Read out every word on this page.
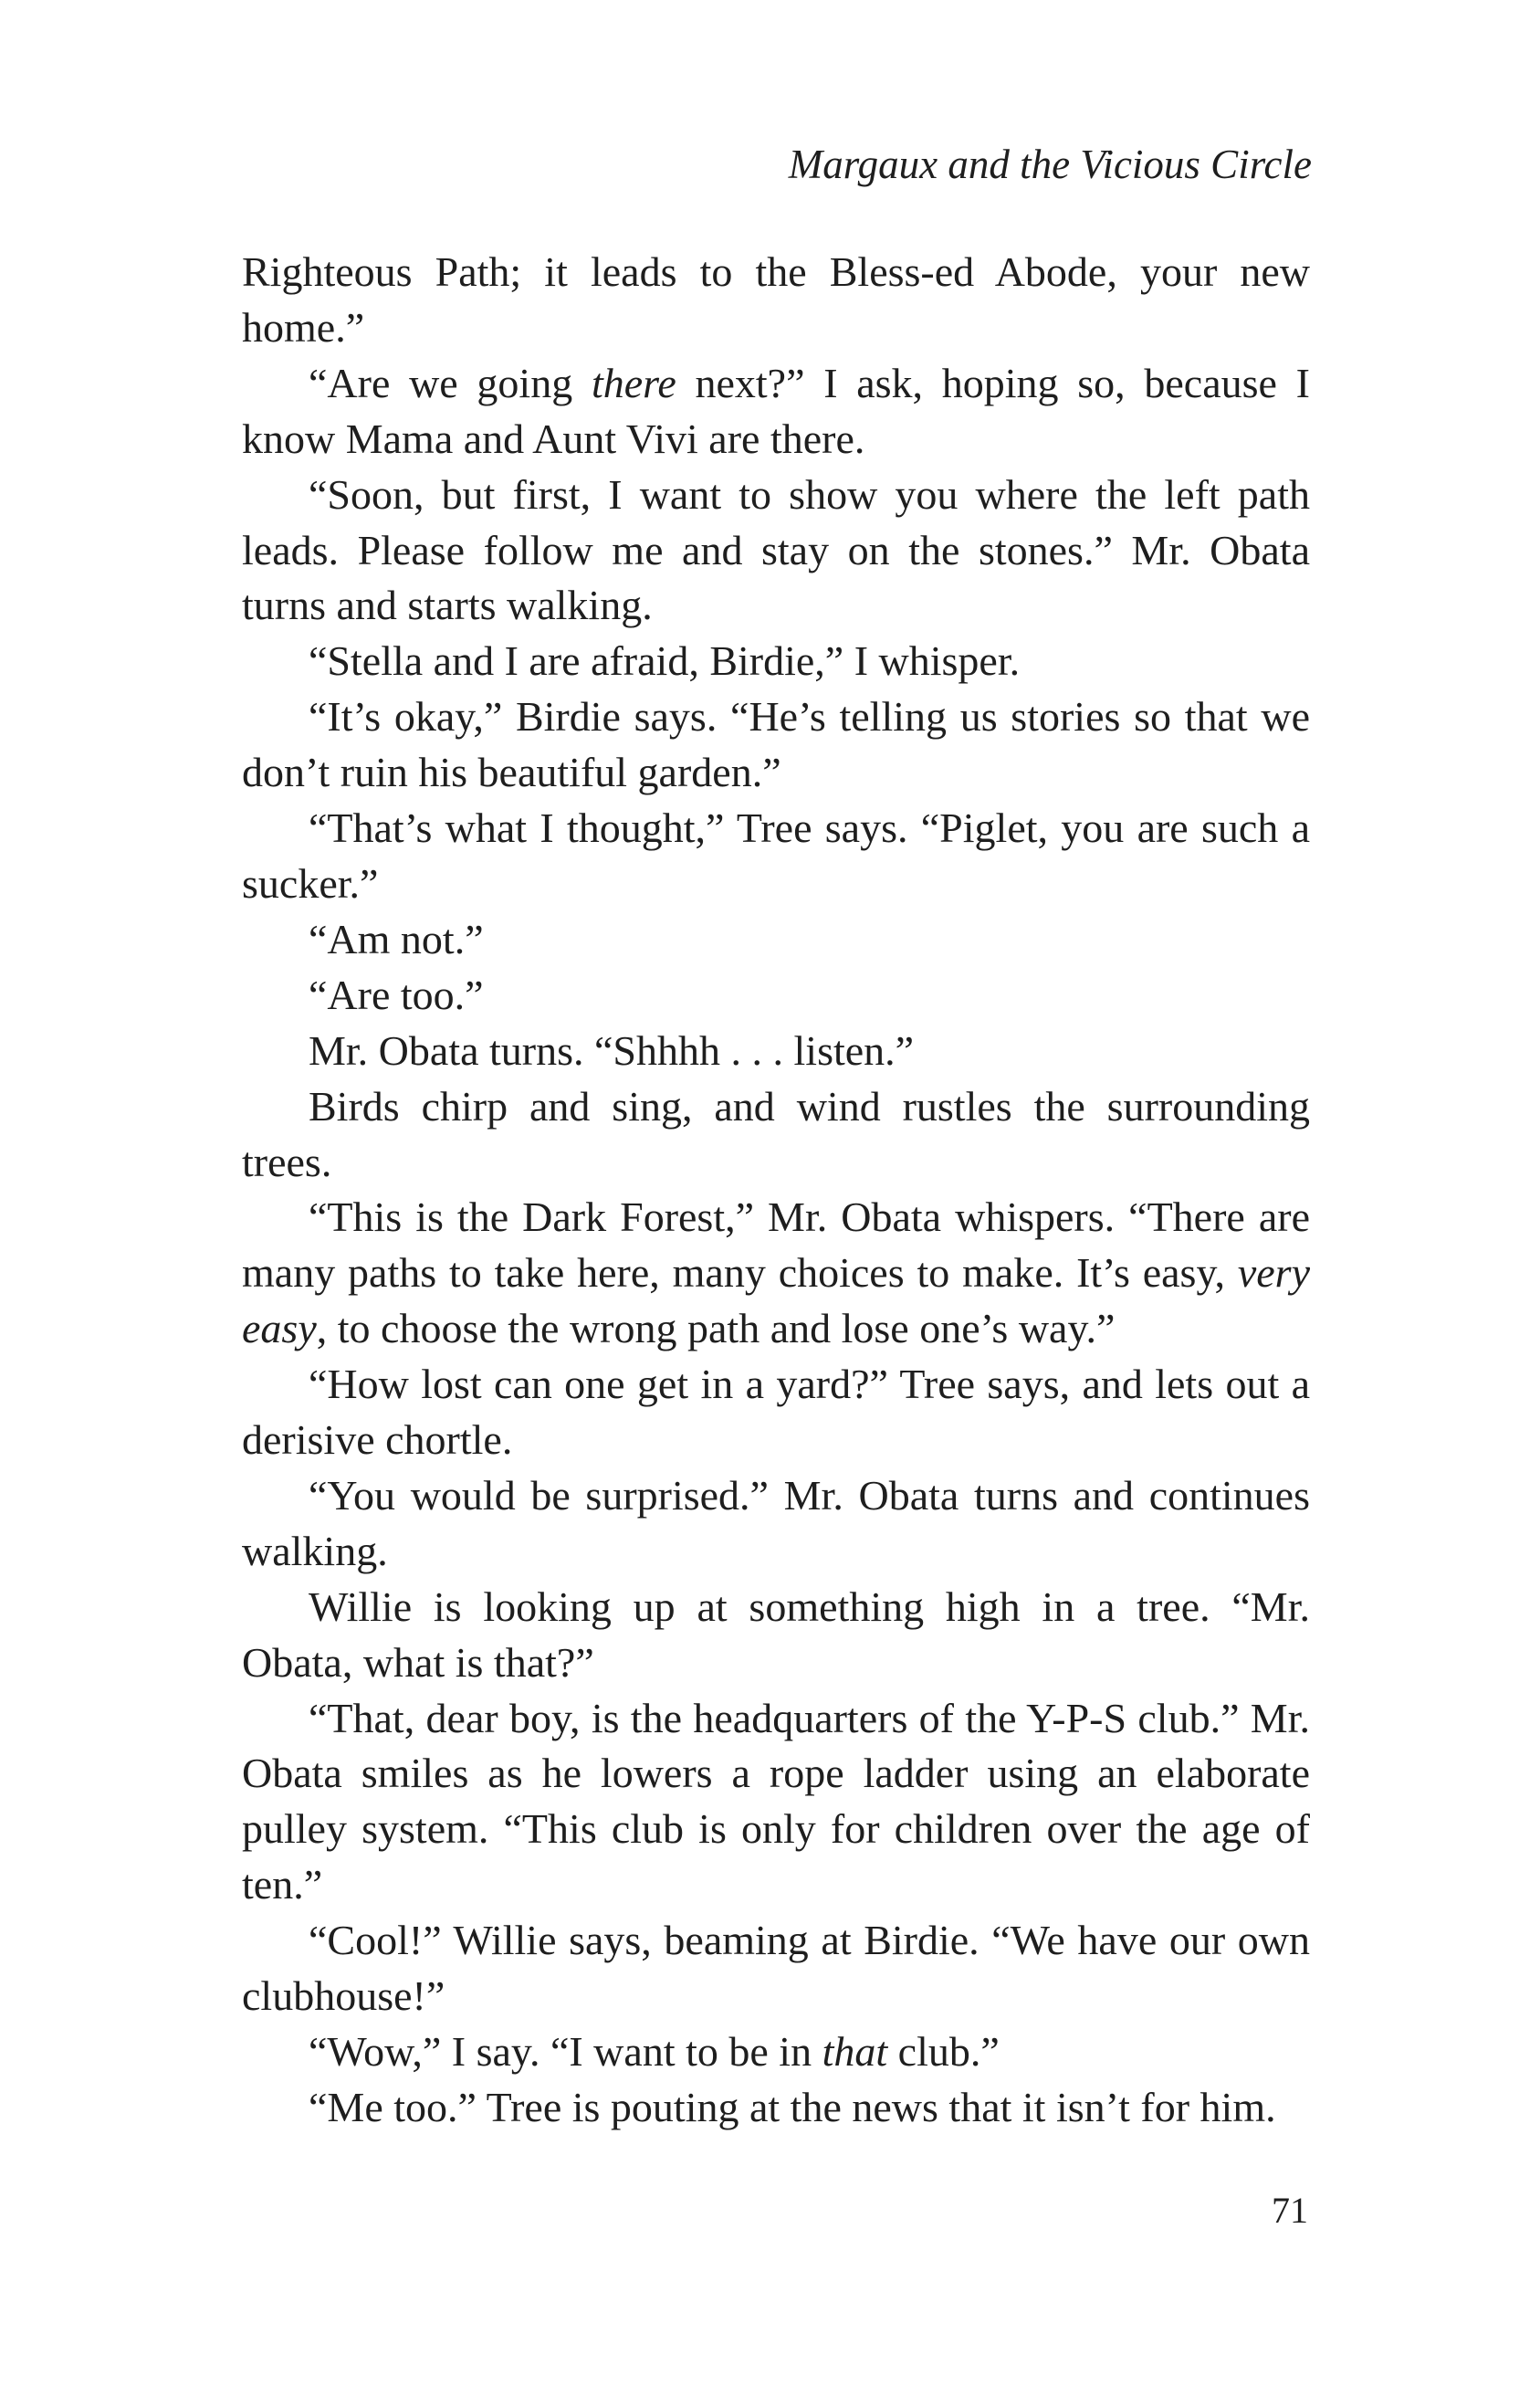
Margaux and the Vicious Circle

Righteous Path; it leads to the Bless-ed Abode, your new home.”

“Are we going there next?” I ask, hoping so, because I know Mama and Aunt Vivi are there.

“Soon, but first, I want to show you where the left path leads. Please follow me and stay on the stones.” Mr. Obata turns and starts walking.

“Stella and I are afraid, Birdie,” I whisper.

“It’s okay,” Birdie says. “He’s telling us stories so that we don’t ruin his beautiful garden.”

“That’s what I thought,” Tree says. “Piglet, you are such a sucker.”

“Am not.”

“Are too.”

Mr. Obata turns. “Shhhh . . . listen.”

Birds chirp and sing, and wind rustles the surrounding trees.

“This is the Dark Forest,” Mr. Obata whispers. “There are many paths to take here, many choices to make. It’s easy, very easy, to choose the wrong path and lose one’s way.”

“How lost can one get in a yard?” Tree says, and lets out a derisive chortle.

“You would be surprised.” Mr. Obata turns and continues walking.

Willie is looking up at something high in a tree. “Mr. Obata, what is that?”

“That, dear boy, is the headquarters of the Y-P-S club.” Mr. Obata smiles as he lowers a rope ladder using an elaborate pulley system. “This club is only for children over the age of ten.”

“Cool!” Willie says, beaming at Birdie. “We have our own clubhouse!”

“Wow,” I say. “I want to be in that club.”

“Me too.” Tree is pouting at the news that it isn’t for him.

71
